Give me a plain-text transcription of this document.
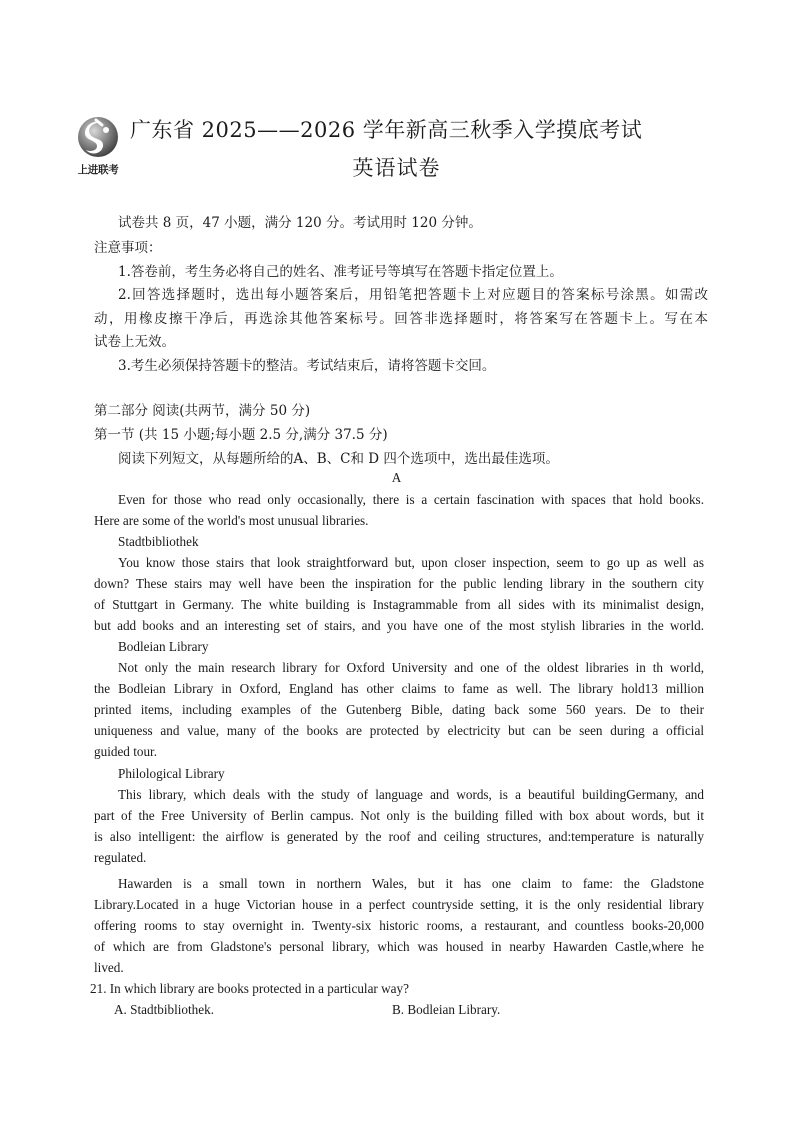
上进联考
广东省 2025——2026 学年新高三秋季入学摸底考试
英语试卷
试卷共 8 页，47 小题，满分 120 分。考试用时 120 分钟。
注意事项：
1.答卷前，考生务必将自己的姓名、准考证号等填写在答题卡指定位置上。
2.回答选择题时，选出每小题答案后，用铅笔把答题卡上对应题目的答案标号涂黑。如需改
动，用橡皮擦干净后，再选涂其他答案标号。回答非选择题时，将答案写在答题卡上。写在本
试卷上无效。
3.考生必须保持答题卡的整洁。考试结束后，请将答题卡交回。
第二部分 阅读(共两节，满分 50 分)
第一节 (共 15 小题;每小题 2.5 分,满分 37.5 分)
阅读下列短文，从每题所给的A、B、C和 D 四个选项中，选出最佳选项。
A
Even for those who read only occasionally, there is a certain fascination with spaces that hold books.
Here are some of the world's most unusual libraries.
Stadtbibliothek
You know those stairs that look straightforward but, upon closer inspection, seem to go up as well as
down? These stairs may well have been the inspiration for the public lending library in the southern city
of Stuttgart in Germany. The white building is Instagrammable from all sides with its minimalist design,
but add books and an interesting set of stairs, and you have one of the most stylish libraries in the world.
Bodleian Library
Not only the main research library for Oxford University and one of the oldest libraries in th world,
the Bodleian Library in Oxford, England has other claims to fame as well. The library hold13 million
printed items, including examples of the Gutenberg Bible, dating back some 560 years. De to their
uniqueness and value, many of the books are protected by electricity but can be seen during a official
guided tour.
Philological Library
This library, which deals with the study of language and words, is a beautiful buildingGermany, and
part of the Free University of Berlin campus. Not only is the building filled with box about words, but it
is also intelligent: the airflow is generated by the roof and ceiling structures, and:temperature is naturally
regulated.
Hawarden is a small town in northern Wales, but it has one claim to fame: the Gladstone
Library.Located in a huge Victorian house in a perfect countryside setting, it is the only residential library
offering rooms to stay overnight in. Twenty-six historic rooms, a restaurant, and countless books-20,000
of which are from Gladstone's personal library, which was housed in nearby Hawarden Castle,where he
lived.
21. In which library are books protected in a particular way?
A. Stadtbibliothek.	B. Bodleian Library.
